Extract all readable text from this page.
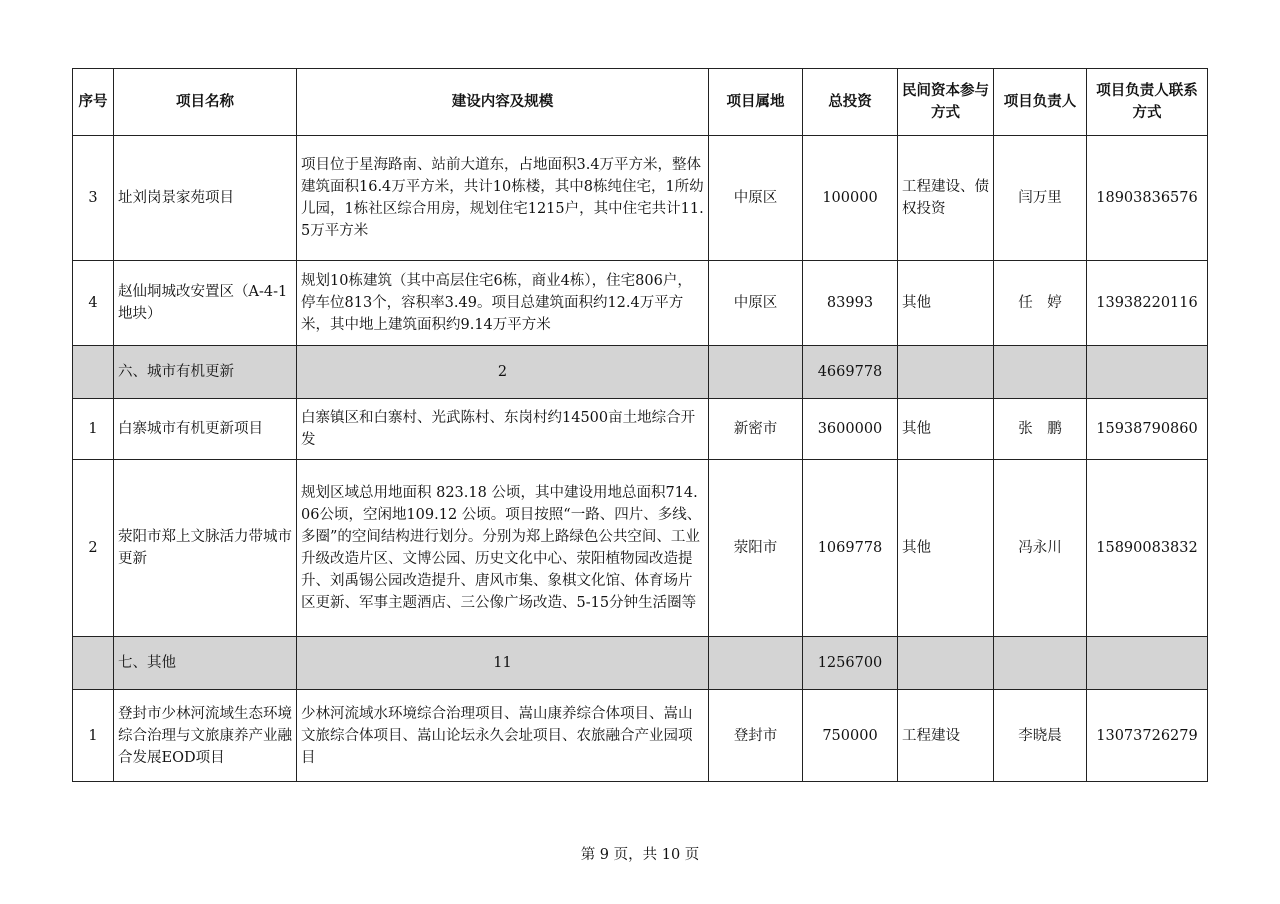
序号	项目名称	建设内容及规模	项目属地	总投资	民间资本参与方式	项目负责人	项目负责人联系方式
3	址刘岗景家苑项目	项目位于星海路南、站前大道东，占地面积3.4万平方米，整体建筑面积16.4万平方米，共计10栋楼，其中8栋纯住宅，1所幼儿园，1栋社区综合用房，规划住宅1215户，其中住宅共计11.5万平方米	中原区	100000	工程建设、债权投资	闫万里	18903836576
4	赵仙垌城改安置区（A-4-1地块）	规划10栋建筑（其中高层住宅6栋，商业4栋），住宅806户，停车位813个，容积率3.49。项目总建筑面积约12.4万平方米，其中地上建筑面积约9.14万平方米	中原区	83993	其他	任　婷	13938220116
	六、城市有机更新	2		4669778			
1	白寨城市有机更新项目	白寨镇区和白寨村、光武陈村、东岗村约14500亩土地综合开发	新密市	3600000	其他	张　鹏	15938790860
2	荥阳市郑上文脉活力带城市更新	规划区域总用地面积 823.18 公顷，其中建设用地总面积714.06公顷，空闲地109.12 公顷。项目按照“一路、四片、多线、多圈”的空间结构进行划分。分别为郑上路绿色公共空间、工业升级改造片区、文博公园、历史文化中心、荥阳植物园改造提升、刘禹锡公园改造提升、唐风市集、象棋文化馆、体育场片区更新、军事主题酒店、三公像广场改造、5-15分钟生活圈等	荥阳市	1069778	其他	冯永川	15890083832
	七、其他	11		1256700			
1	登封市少林河流域生态环境综合治理与文旅康养产业融合发展EOD项目	少林河流域水环境综合治理项目、嵩山康养综合体项目、嵩山文旅综合体项目、嵩山论坛永久会址项目、农旅融合产业园项目	登封市	750000	工程建设	李晓晨	13073726279
第 9 页，共 10 页
